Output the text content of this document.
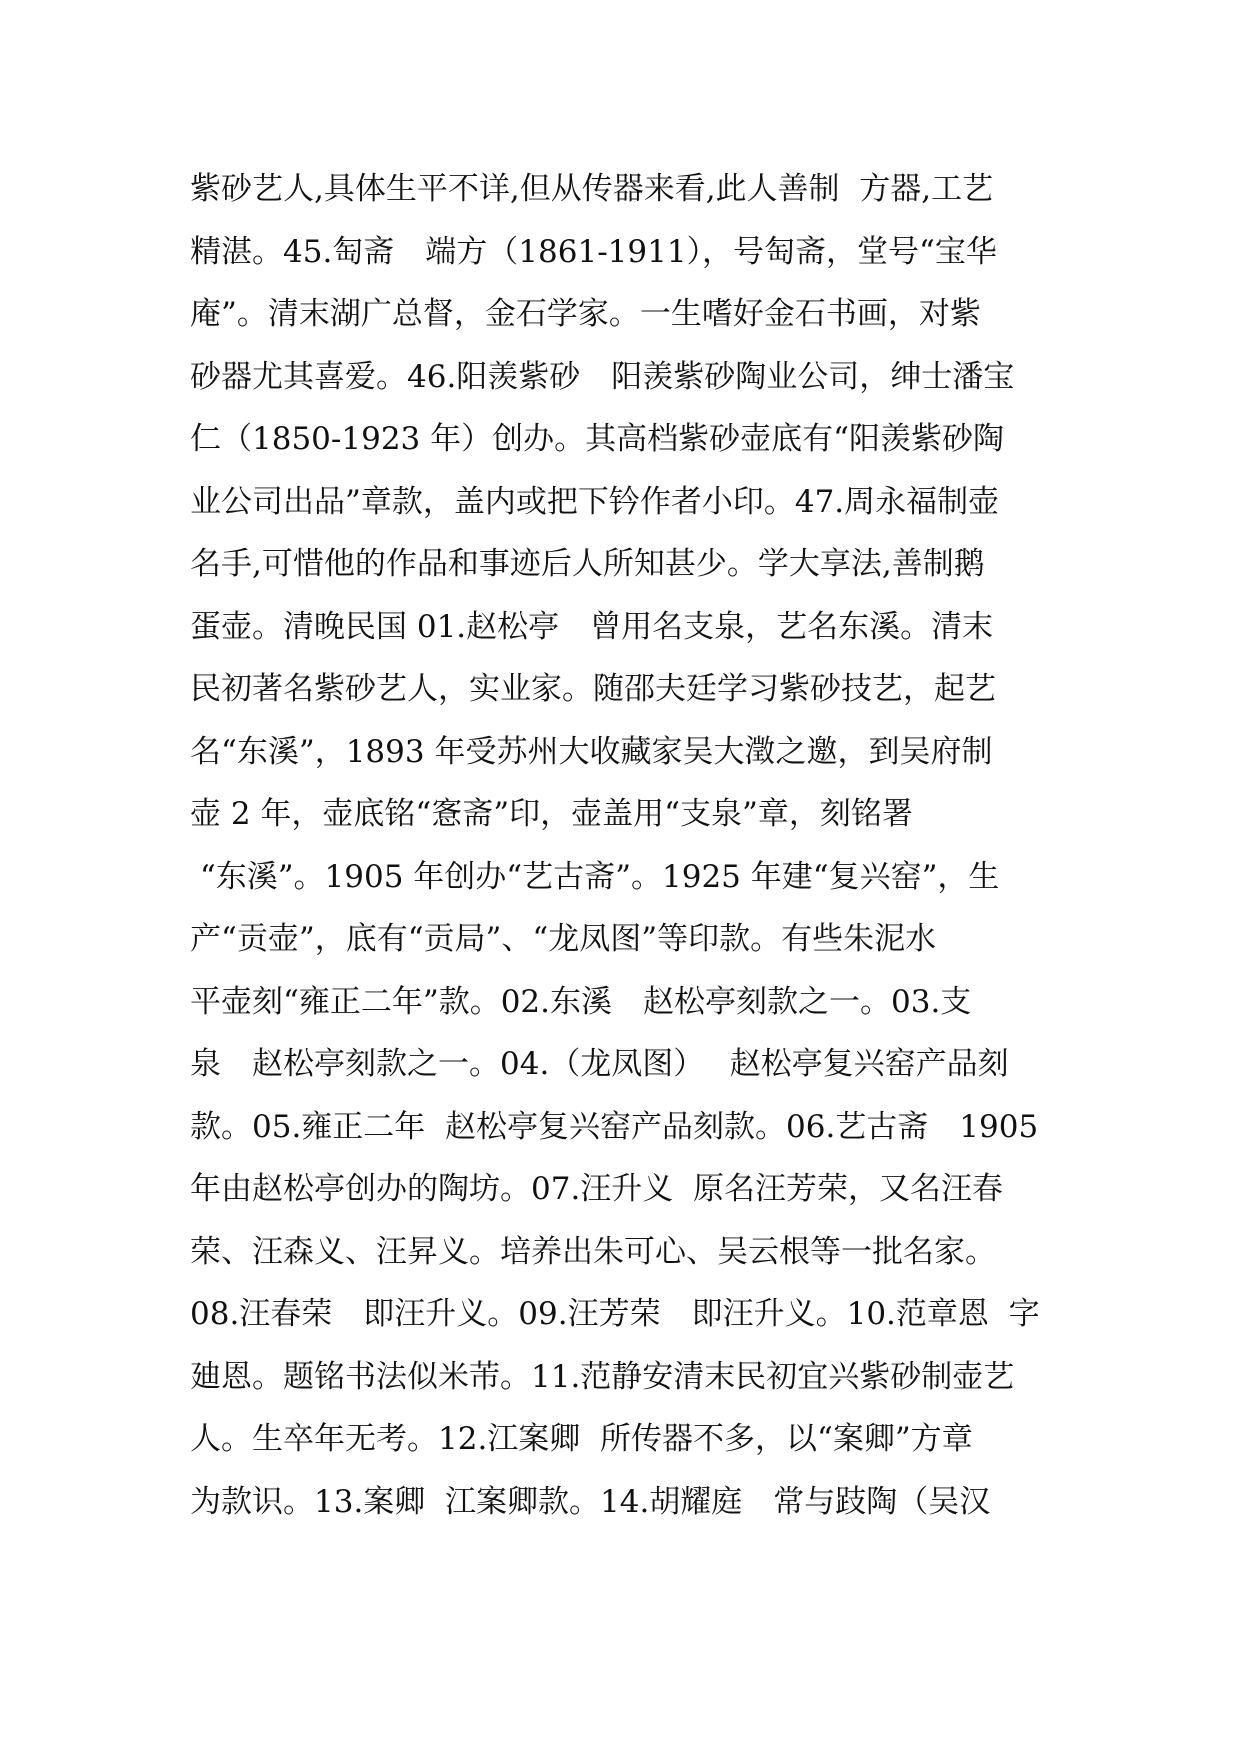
紫砂艺人,具体生平不详,但从传器来看,此人善制  方器,工艺
精湛。45.匋斋　端方（1861-1911），号匋斋，堂号“宝华
庵”。清末湖广总督，金石学家。一生嗜好金石书画，对紫
砂器尤其喜爱。46.阳羡紫砂　阳羡紫砂陶业公司，绅士潘宝
仁（1850-1923 年）创办。其高档紫砂壶底有“阳羡紫砂陶
业公司出品”章款，盖内或把下钤作者小印。47.周永福制壶
名手,可惜他的作品和事迹后人所知甚少。学大享法,善制鹅
蛋壶。清晚民国 01.赵松亭　曾用名支泉，艺名东溪。清末
民初著名紫砂艺人，实业家。随邵夫廷学习紫砂技艺，起艺
名“东溪”，1893 年受苏州大收藏家吴大澂之邀，到吴府制
壶 2 年，壶底铭“愙斋”印，壶盖用“支泉”章，刻铭署
“东溪”。1905 年创办“艺古斋”。1925 年建“复兴窑”，生
产“贡壶”，底有“贡局”、“龙凤图”等印款。有些朱泥水
平壶刻“雍正二年”款。02.东溪　赵松亭刻款之一。03.支
泉　赵松亭刻款之一。04.（龙凤图）　 赵松亭复兴窑产品刻
款。05.雍正二年  赵松亭复兴窑产品刻款。06.艺古斋　1905
年由赵松亭创办的陶坊。07.汪升义  原名汪芳荣，又名汪春
荣、汪森义、汪昇义。培养出朱可心、吴云根等一批名家。
08.汪春荣　即汪升义。09.汪芳荣　即汪升义。10.范章恩  字
廸恩。题铭书法似米芾。11.范静安清末民初宜兴紫砂制壶艺
人。生卒年无考。12.江案卿  所传器不多，以“案卿”方章
为款识。13.案卿  江案卿款。14.胡耀庭　常与跂陶（吴汉
